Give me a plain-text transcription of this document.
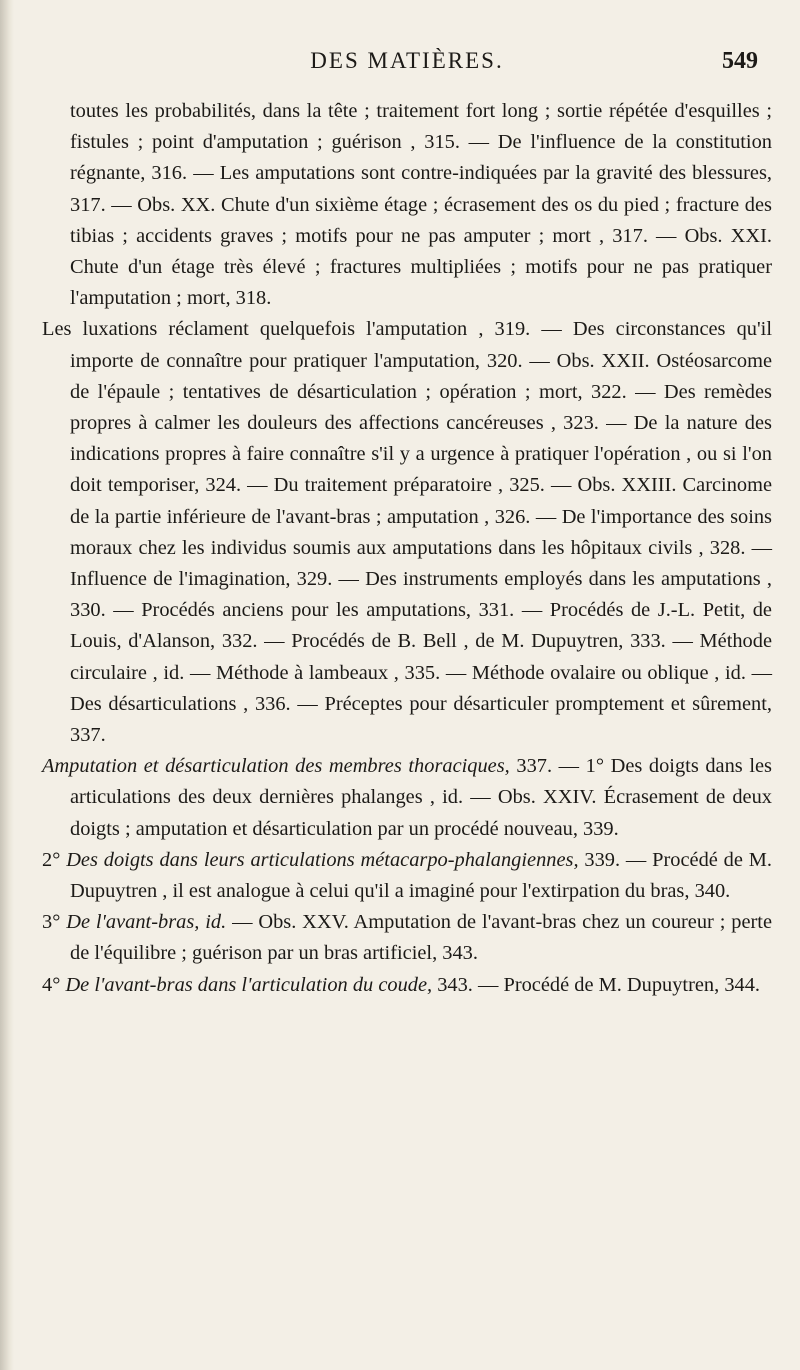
DES MATIÈRES.	549

toutes les probabilités, dans la tête ; traitement fort long ; sortie répétée d'esquilles ; fistules ; point d'amputation ; guérison , 315. — De l'influence de la constitution régnante, 316. — Les amputations sont contre-indiquées par la gravité des blessures, 317. — Obs. XX. Chute d'un sixième étage ; écrasement des os du pied ; fracture des tibias ; accidents graves ; motifs pour ne pas amputer ; mort , 317. — Obs. XXI. Chute d'un étage très élevé ; fractures multipliées ; motifs pour ne pas pratiquer l'amputation ; mort, 318.

Les luxations réclament quelquefois l'amputation , 319. — Des circonstances qu'il importe de connaître pour pratiquer l'amputation, 320. — Obs. XXII. Ostéosarcome de l'épaule ; tentatives de désarticulation ; opération ; mort, 322. — Des remèdes propres à calmer les douleurs des affections cancéreuses , 323. — De la nature des indications propres à faire connaître s'il y a urgence à pratiquer l'opération , ou si l'on doit temporiser, 324. — Du traitement préparatoire , 325. — Obs. XXIII. Carcinome de la partie inférieure de l'avant-bras ; amputation , 326. — De l'importance des soins moraux chez les individus soumis aux amputations dans les hôpitaux civils , 328. — Influence de l'imagination, 329. — Des instruments employés dans les amputations , 330. — Procédés anciens pour les amputations, 331. — Procédés de J.-L. Petit, de Louis, d'Alanson, 332. — Procédés de B. Bell , de M. Dupuytren, 333. — Méthode circulaire , id. — Méthode à lambeaux , 335. — Méthode ovalaire ou oblique , id. — Des désarticulations , 336. — Préceptes pour désarticuler promptement et sûrement, 337.

Amputation et désarticulation des membres thoraciques, 337. — 1° Des doigts dans les articulations des deux dernières phalanges , id. — Obs. XXIV. Écrasement de deux doigts ; amputation et désarticulation par un procédé nouveau, 339.

2° Des doigts dans leurs articulations métacarpo-phalangiennes, 339. — Procédé de M. Dupuytren , il est analogue à celui qu'il a imaginé pour l'extirpation du bras, 340.

3° De l'avant-bras, id. — Obs. XXV. Amputation de l'avant-bras chez un coureur ; perte de l'équilibre ; guérison par un bras artificiel, 343.

4° De l'avant-bras dans l'articulation du coude, 343. — Procédé de M. Dupuytren, 344.
